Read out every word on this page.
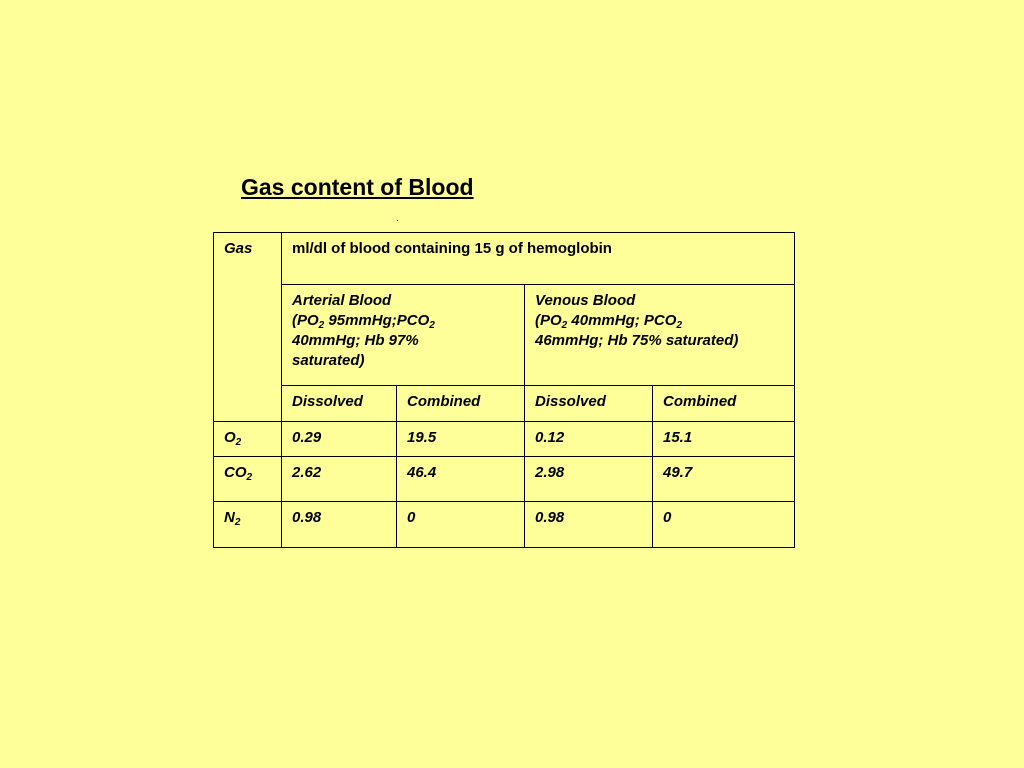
Gas content of Blood
.
Gas	ml/dl of blood containing 15 g of hemoglobin			
	Arterial Blood
($PO_2$ $95mmHg;PCO_2$
40mmHg; Hb 97%
saturated)		Venous Blood
($PO_2$ 40mmHg; $PCO_2$
46mmHg; Hb 75% saturated)	
	Dissolved	Combined	Dissolved	Combined
$O_2$	0.29	19.5	0.12	15.1
$CO_2$	2.62	46.4	2.98	49.7
$N_2$	0.98	0	0.98	0
